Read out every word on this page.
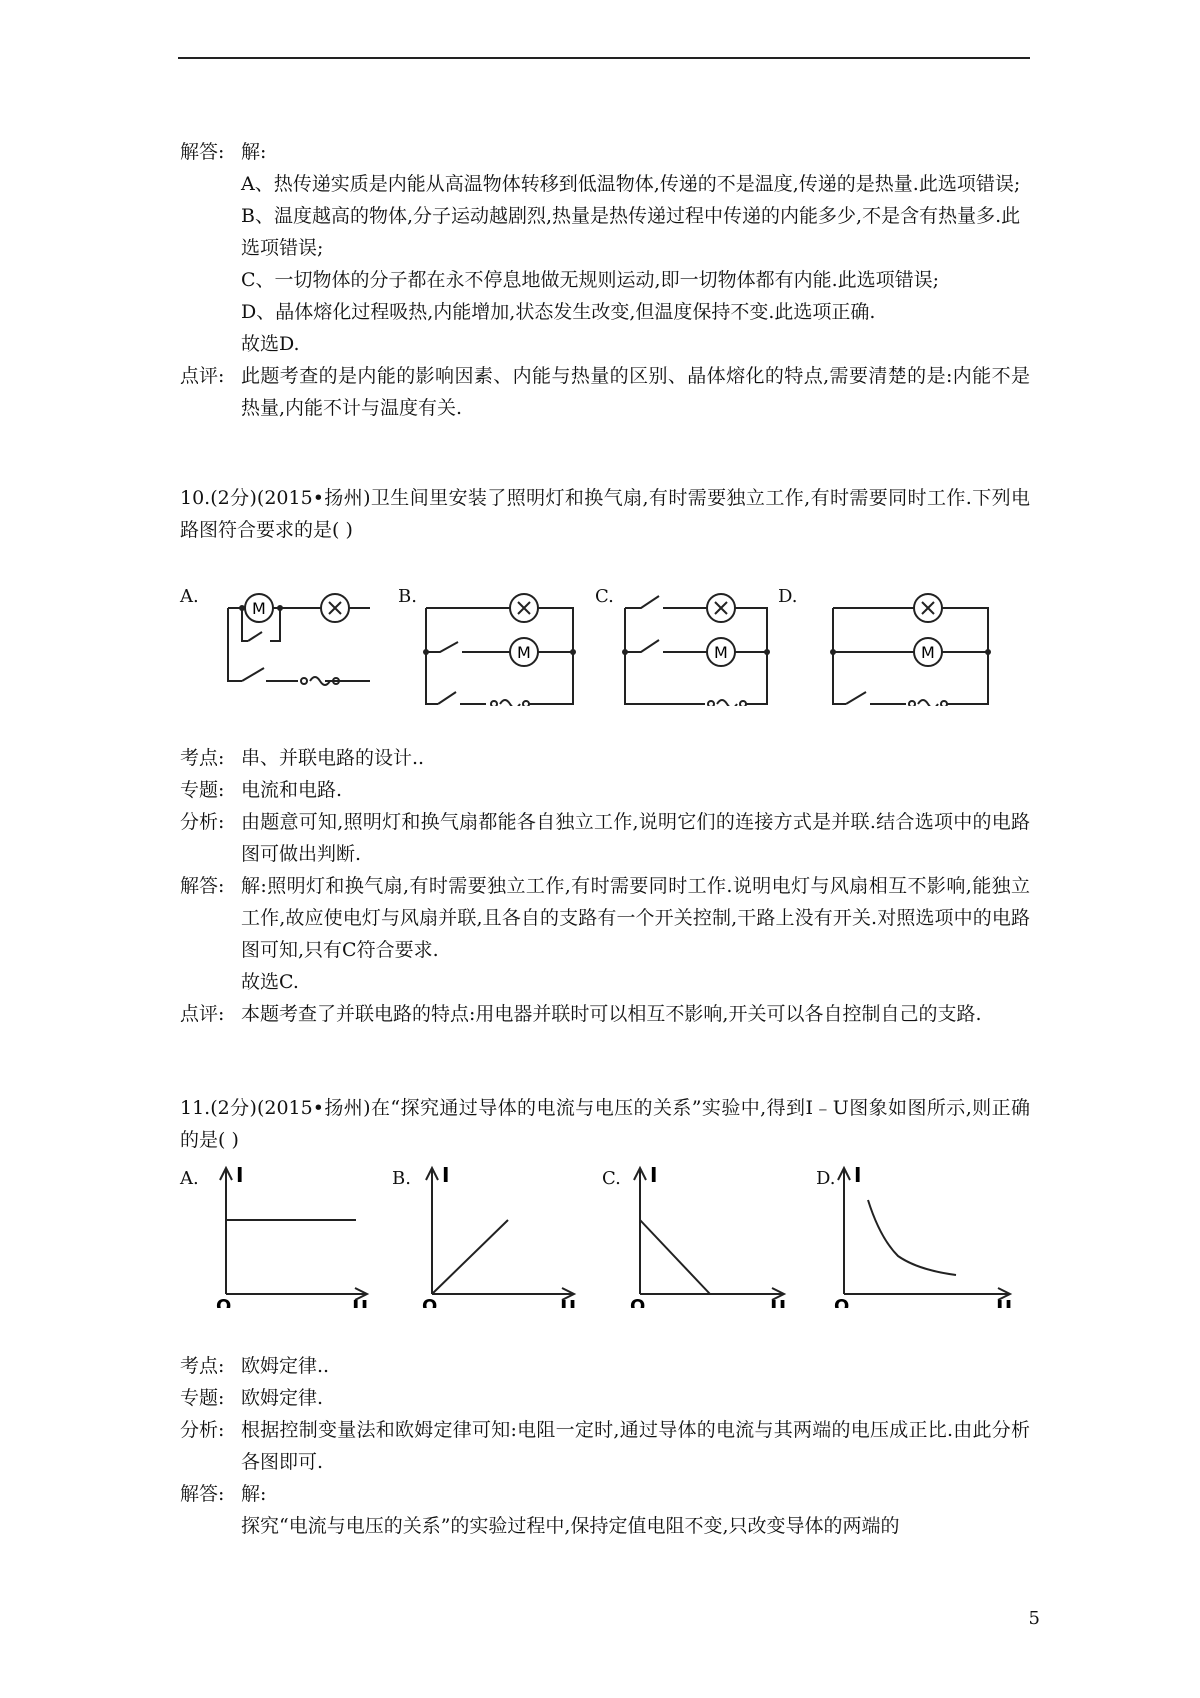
解答: 解:
A、热传递实质是内能从高温物体转移到低温物体,传递的不是温度,传递的是热量.此选项错误;
B、温度越高的物体,分子运动越剧烈,热量是热传递过程中传递的内能多少,不是含有热量多.此选项错误;
C、一切物体的分子都在永不停息地做无规则运动,即一切物体都有内能.此选项错误;
D、晶体熔化过程吸热,内能增加,状态发生改变,但温度保持不变.此选项正确.
故选D.
点评: 此题考查的是内能的影响因素、内能与热量的区别、晶体熔化的特点,需要清楚的是:内能不是热量,内能不计与温度有关.
10.(2分)(2015•扬州)卫生间里安装了照明灯和换气扇,有时需要独立工作,有时需要同时工作.下列电路图符合要求的是( )
A.
M
B.
M
C.
M
D.
M
考点: 串、并联电路的设计..
专题: 电流和电路.
分析: 由题意可知,照明灯和换气扇都能各自独立工作,说明它们的连接方式是并联.结合选项中的电路图可做出判断.
解答: 解:照明灯和换气扇,有时需要独立工作,有时需要同时工作.说明电灯与风扇相互不影响,能独立工作,故应使电灯与风扇并联,且各自的支路有一个开关控制,干路上没有开关.对照选项中的电路图可知,只有C符合要求.
故选C.
点评: 本题考查了并联电路的特点:用电器并联时可以相互不影响,开关可以各自控制自己的支路.
11.(2分)(2015•扬州)在“探究通过导体的电流与电压的关系”实验中,得到I﹣U图象如图所示,则正确的是( )
A. I
O	U
B. I
O	U
C. I
O	U
D. I
O	U
考点: 欧姆定律..
专题: 欧姆定律.
分析: 根据控制变量法和欧姆定律可知:电阻一定时,通过导体的电流与其两端的电压成正比.由此分析各图即可.
解答: 解:
探究“电流与电压的关系”的实验过程中,保持定值电阻不变,只改变导体的两端的
5
